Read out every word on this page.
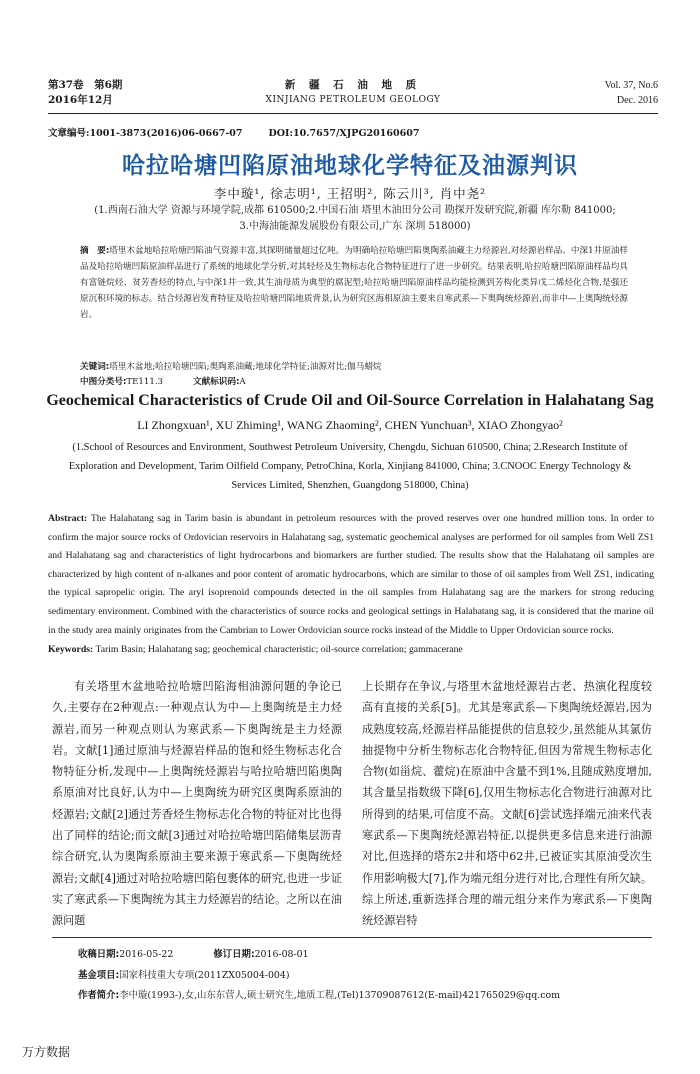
第37卷　第6期
2016年12月
新 疆 石 油 地 质
XINJIANG PETROLEUM GEOLOGY
Vol. 37, No.6
Dec. 2016
文章编号:1001-3873(2016)06-0667-07	DOI:10.7657/XJPG20160607
哈拉哈塘凹陷原油地球化学特征及油源判识
李中璇¹, 徐志明¹, 王招明², 陈云川³, 肖中尧²
(1.西南石油大学 资源与环境学院,成都 610500;2.中国石油 塔里木油田分公司 勘探开发研究院,新疆 库尔勒 841000;
3.中海油能源发展股份有限公司,广东 深圳 518000)
摘　要:塔里木盆地哈拉哈塘凹陷油气资源丰富,其探明储量超过亿吨。为明确哈拉哈塘凹陷奥陶系油藏主力烃源岩,对烃源岩样品、中深1井原油样品及哈拉哈塘凹陷原油样品进行了系统的地球化学分析,对其轻烃及生物标志化合物特征进行了进一步研究。结果表明,哈拉哈塘凹陷原油样品均具有富链烷烃、贫芳香烃的特点,与中深1井一致,其生油母质为典型的腐泥型;哈拉哈塘凹陷原油样品均能检测到芳构化类异戊二烯烃化合物,是强还原沉积环境的标志。结合烃源岩发育特征及哈拉哈塘凹陷地质背景,认为研究区海相原油主要来自寒武系—下奥陶统烃源岩,而非中—上奥陶统烃源岩。
关键词:塔里木盆地;哈拉哈塘凹陷;奥陶系油藏;地球化学特征;油源对比;伽马蜡烷
中图分类号:TE111.3	文献标识码:A
Geochemical Characteristics of Crude Oil and Oil-Source Correlation in Halahatang Sag
LI Zhongxuan¹, XU Zhiming¹, WANG Zhaoming², CHEN Yunchuan³, XIAO Zhongyao²
(1.School of Resources and Environment, Southwest Petroleum University, Chengdu, Sichuan 610500, China; 2.Research Institute of Exploration and Development, Tarim Oilfield Company, PetroChina, Korla, Xinjiang 841000, China; 3.CNOOC Energy Technology & Services Limited, Shenzhen, Guangdong 518000, China)
Abstract: The Halahatang sag in Tarim basin is abundant in petroleum resources with the proved reserves over one hundred million tons. In order to confirm the major source rocks of Ordovician reservoirs in Halahatang sag, systematic geochemical analyses are performed for oil samples from Well ZS1 and Halahatang sag and characteristics of light hydrocarbons and biomarkers are further studied. The results show that the Halahatang oil samples are characterized by high content of n-alkanes and poor content of aromatic hydrocarbons, which are similar to those of oil samples from Well ZS1, indicating the typical sapropelic origin. The aryl isoprenoid compounds detected in the oil samples from Halahatang sag are the markers for strong reducing sedimentary environment. Combined with the characteristics of source rocks and geological settings in Halahatang sag, it is considered that the marine oil in the study area mainly originates from the Cambrian to Lower Ordovician source rocks instead of the Middle to Upper Ordovician source rocks.
Keywords: Tarim Basin; Halahatang sag; geochemical characteristic; oil-source correlation; gammacerane
有关塔里木盆地哈拉哈塘凹陷海相油源问题的争论已久,主要存在2种观点:一种观点认为中—上奥陶统是主力烃源岩,而另一种观点则认为寒武系—下奥陶统是主力烃源岩。文献[1]通过原油与烃源岩样品的饱和烃生物标志化合物特征分析,发现中—上奥陶统烃源岩与哈拉哈塘凹陷奥陶系原油对比良好,认为中—上奥陶统为研究区奥陶系原油的烃源岩;文献[2]通过芳香烃生物标志化合物的特征对比也得出了同样的结论;而文献[3]通过对哈拉哈塘凹陷储集层沥青综合研究,认为奥陶系原油主要来源于寒武系—下奥陶统烃源岩;文献[4]通过对哈拉哈塘凹陷包裹体的研究,也进一步证实了寒武系—下奥陶统为其主力烃源岩的结论。之所以在油源问题
上长期存在争议,与塔里木盆地烃源岩古老、热演化程度较高有直接的关系[5]。尤其是寒武系—下奥陶统烃源岩,因为成熟度较高,烃源岩样品能提供的信息较少,虽然能从其氯仿抽提物中分析生物标志化合物特征,但因为常规生物标志化合物(如甾烷、藿烷)在原油中含量不到1%,且随成熟度增加,其含量呈指数级下降[6],仅用生物标志化合物进行油源对比所得到的结果,可信度不高。文献[6]尝试选择端元油来代表寒武系—下奥陶统烃源岩特征,以提供更多信息来进行油源对比,但选择的塔东2井和塔中62井,已被证实其原油受次生作用影响极大[7],作为端元组分进行对比,合理性有所欠缺。综上所述,重新选择合理的端元组分来作为寒武系—下奥陶统烃源岩特
收稿日期:2016-05-22	修订日期:2016-08-01
基金项目:国家科技重大专项(2011ZX05004-004)
作者简介:李中璇(1993-),女,山东东营人,硕士研究生,地质工程,(Tel)13709087612(E-mail)421765029@qq.com
万方数据
